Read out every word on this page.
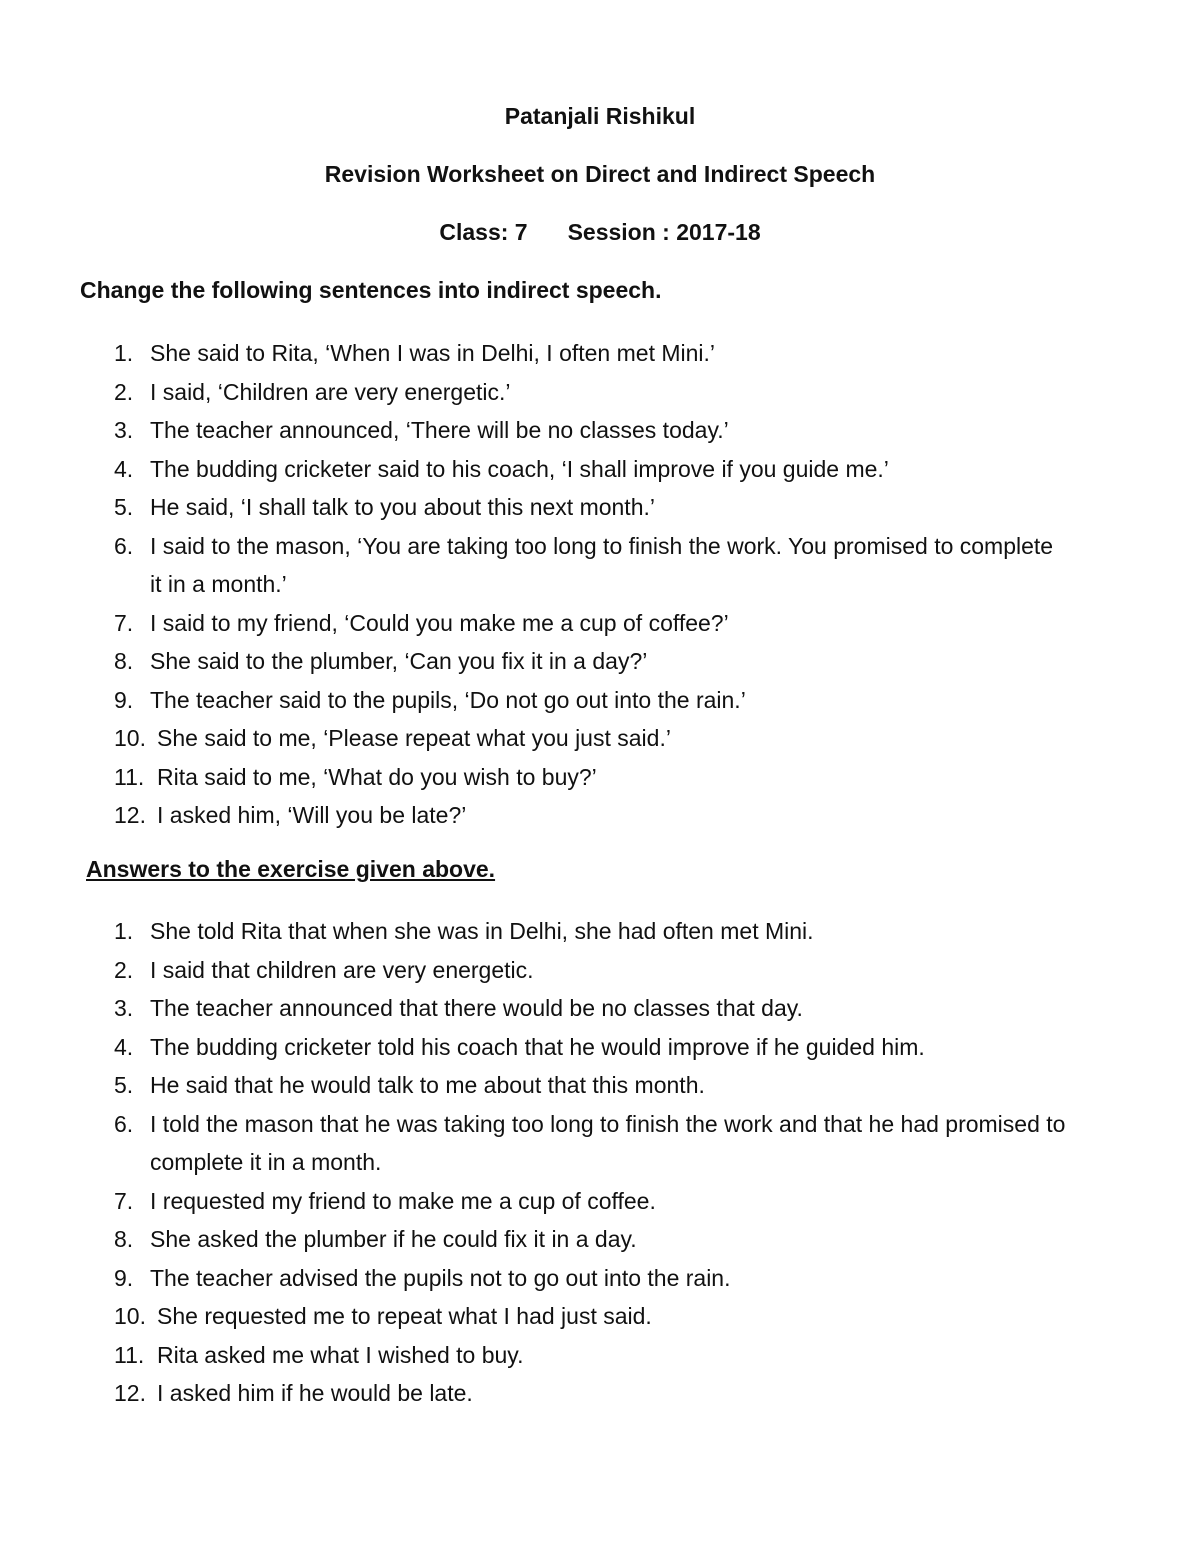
Patanjali Rishikul
Revision Worksheet on Direct and Indirect Speech
Class: 7 Session : 2017-18
Change the following sentences into indirect speech.
1. She said to Rita, ‘When I was in Delhi, I often met Mini.’
2. I said, ‘Children are very energetic.’
3. The teacher announced, ‘There will be no classes today.’
4. The budding cricketer said to his coach, ‘I shall improve if you guide me.’
5. He said, ‘I shall talk to you about this next month.’
6. I said to the mason, ‘You are taking too long to finish the work. You promised to complete it in a month.’
7. I said to my friend, ‘Could you make me a cup of coffee?’
8. She said to the plumber, ‘Can you fix it in a day?’
9. The teacher said to the pupils, ‘Do not go out into the rain.’
10. She said to me, ‘Please repeat what you just said.’
11. Rita said to me, ‘What do you wish to buy?’
12. I asked him, ‘Will you be late?’
Answers to the exercise given above.
1. She told Rita that when she was in Delhi, she had often met Mini.
2. I said that children are very energetic.
3. The teacher announced that there would be no classes that day.
4. The budding cricketer told his coach that he would improve if he guided him.
5. He said that he would talk to me about that this month.
6. I told the mason that he was taking too long to finish the work and that he had promised to complete it in a month.
7. I requested my friend to make me a cup of coffee.
8. She asked the plumber if he could fix it in a day.
9. The teacher advised the pupils not to go out into the rain.
10. She requested me to repeat what I had just said.
11. Rita asked me what I wished to buy.
12. I asked him if he would be late.
